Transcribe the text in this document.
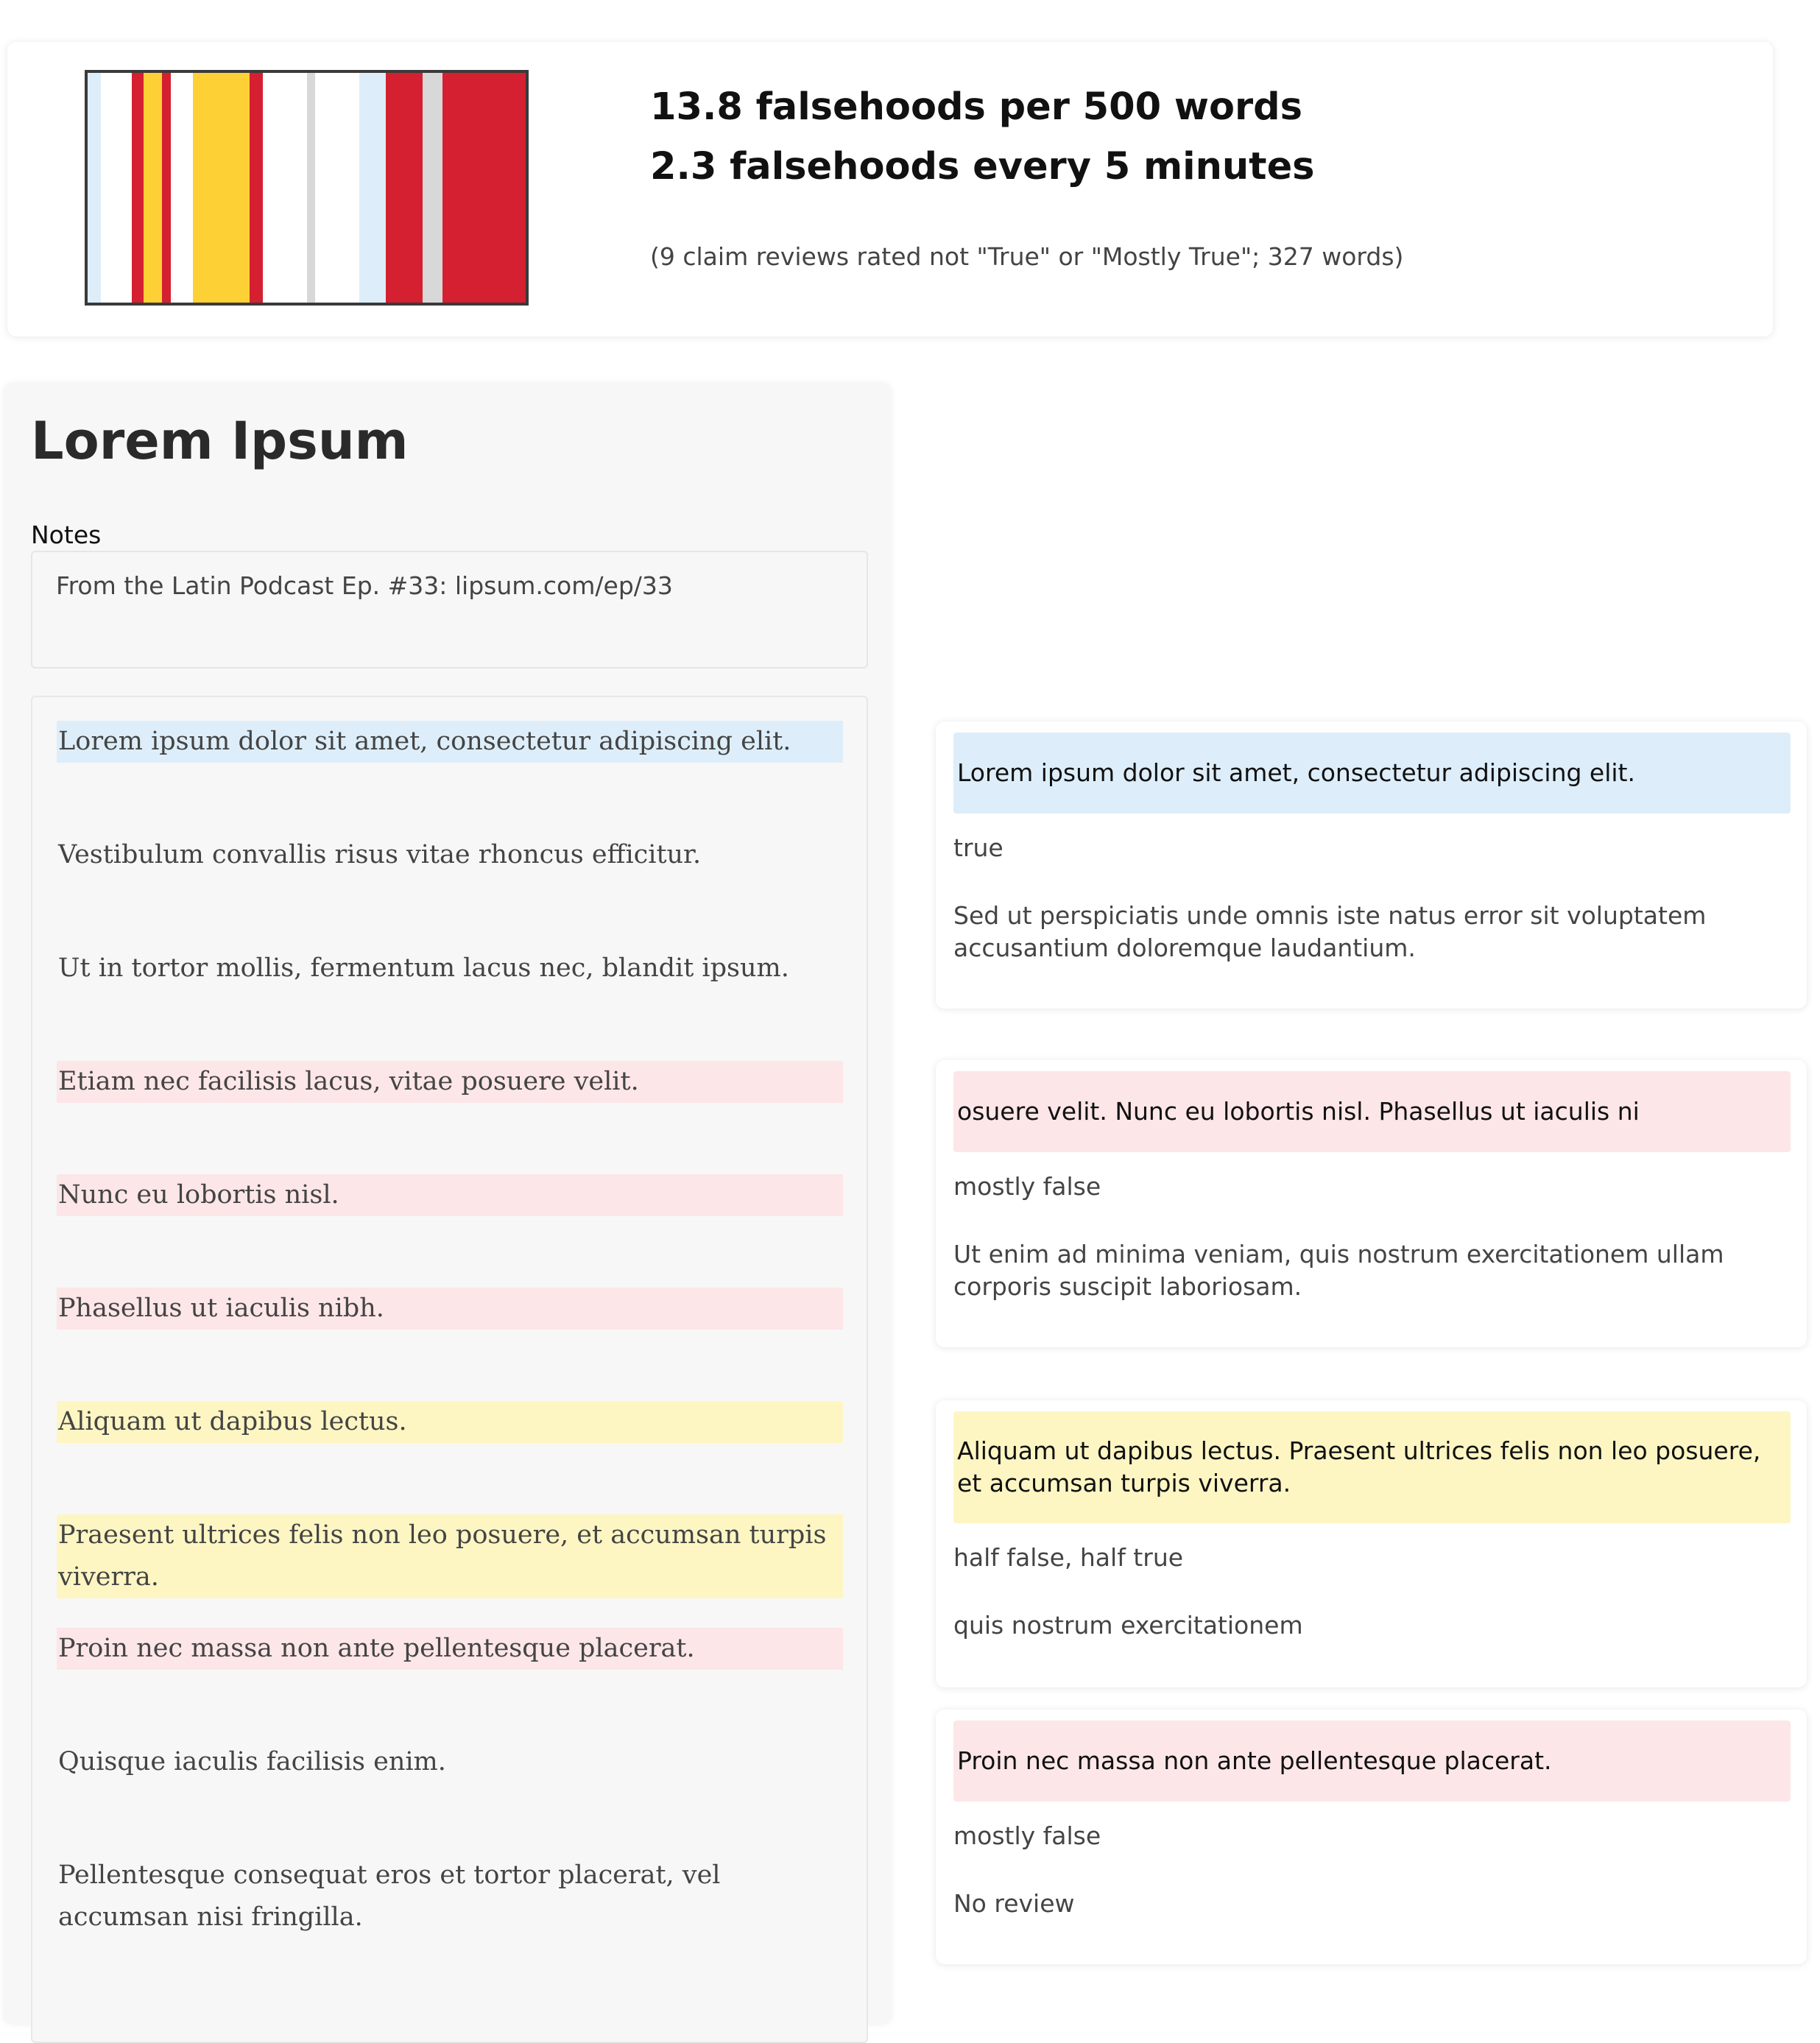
13.8 falsehoods per 500 words
2.3 falsehoods every 5 minutes
(9 claim reviews rated not "True" or "Mostly True"; 327 words)
Lorem Ipsum
Notes
From the Latin Podcast Ep. #33: lipsum.com/ep/33
Lorem ipsum dolor sit amet, consectetur adipiscing elit.
Vestibulum convallis risus vitae rhoncus efficitur.
Ut in tortor mollis, fermentum lacus nec, blandit ipsum.
Etiam nec facilisis lacus, vitae posuere velit.
Nunc eu lobortis nisl.
Phasellus ut iaculis nibh.
Aliquam ut dapibus lectus.
Praesent ultrices felis non leo posuere, et accumsan turpis viverra.
Proin nec massa non ante pellentesque placerat.
Quisque iaculis facilisis enim.
Pellentesque consequat eros et tortor placerat, vel accumsan nisi fringilla.
Lorem ipsum dolor sit amet, consectetur adipiscing elit.
true
Sed ut perspiciatis unde omnis iste natus error sit voluptatem accusantium doloremque laudantium.
osuere velit. Nunc eu lobortis nisl. Phasellus ut iaculis ni
mostly false
Ut enim ad minima veniam, quis nostrum exercitationem ullam corporis suscipit laboriosam.
Aliquam ut dapibus lectus. Praesent ultrices felis non leo posuere, et accumsan turpis viverra.
half false, half true
quis nostrum exercitationem
Proin nec massa non ante pellentesque placerat.
mostly false
No review
